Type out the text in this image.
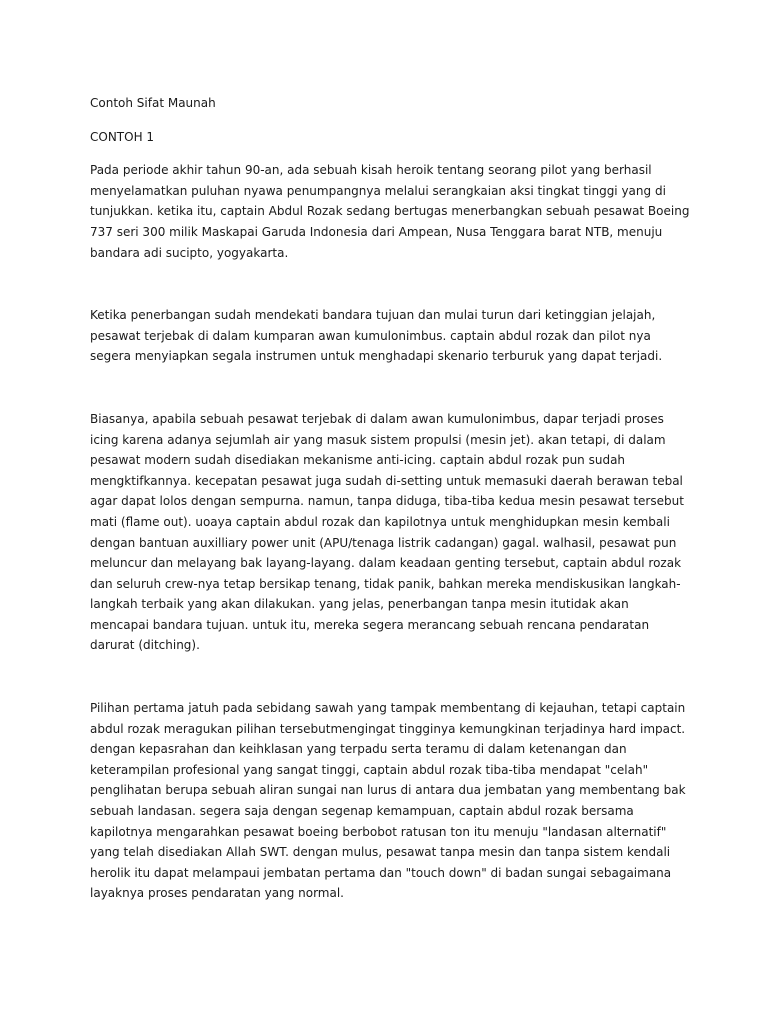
Contoh Sifat Maunah

CONTOH 1

Pada periode akhir tahun 90-an, ada sebuah kisah heroik tentang seorang pilot yang berhasil menyelamatkan puluhan nyawa penumpangnya melalui serangkaian aksi tingkat tinggi yang di tunjukkan. ketika itu, captain Abdul Rozak sedang bertugas menerbangkan sebuah pesawat Boeing 737 seri 300 milik Maskapai Garuda Indonesia dari Ampean, Nusa Tenggara barat NTB, menuju bandara adi sucipto, yogyakarta.

Ketika penerbangan sudah mendekati bandara tujuan dan mulai turun dari ketinggian jelajah, pesawat terjebak di dalam kumparan awan kumulonimbus. captain abdul rozak dan pilot nya segera menyiapkan segala instrumen untuk menghadapi skenario terburuk yang dapat terjadi.

Biasanya, apabila sebuah pesawat terjebak di dalam awan kumulonimbus, dapar terjadi proses icing karena adanya sejumlah air yang masuk sistem propulsi (mesin jet). akan tetapi, di dalam pesawat modern sudah disediakan mekanisme anti-icing. captain abdul rozak pun sudah mengktifkannya. kecepatan pesawat juga sudah di-setting untuk memasuki daerah berawan tebal agar dapat lolos dengan sempurna. namun, tanpa diduga, tiba-tiba kedua mesin pesawat tersebut mati (flame out). uoaya captain abdul rozak dan kapilotnya untuk menghidupkan mesin kembali dengan bantuan auxilliary power unit (APU/tenaga listrik cadangan) gagal. walhasil, pesawat pun meluncur dan melayang bak layang-layang. dalam keadaan genting tersebut, captain abdul rozak dan seluruh crew-nya tetap bersikap tenang, tidak panik, bahkan mereka mendiskusikan langkah-langkah terbaik yang akan dilakukan. yang jelas, penerbangan tanpa mesin itutidak akan mencapai bandara tujuan. untuk itu, mereka segera merancang sebuah rencana pendaratan darurat (ditching).

Pilihan pertama jatuh pada sebidang sawah yang tampak membentang di kejauhan, tetapi captain abdul rozak meragukan pilihan tersebutmengingat tingginya kemungkinan terjadinya hard impact. dengan kepasrahan dan keihklasan yang terpadu serta teramu di dalam ketenangan dan keterampilan profesional yang sangat tinggi, captain abdul rozak tiba-tiba mendapat "celah" penglihatan berupa sebuah aliran sungai nan lurus di antara dua jembatan yang membentang bak sebuah landasan. segera saja dengan segenap kemampuan, captain abdul rozak bersama kapilotnya mengarahkan pesawat boeing berbobot ratusan ton itu menuju "landasan alternatif" yang telah disediakan Allah SWT. dengan mulus, pesawat tanpa mesin dan tanpa sistem kendali herolik itu dapat melampaui jembatan pertama dan "touch down" di badan sungai sebagaimana layaknya proses pendaratan yang normal.
